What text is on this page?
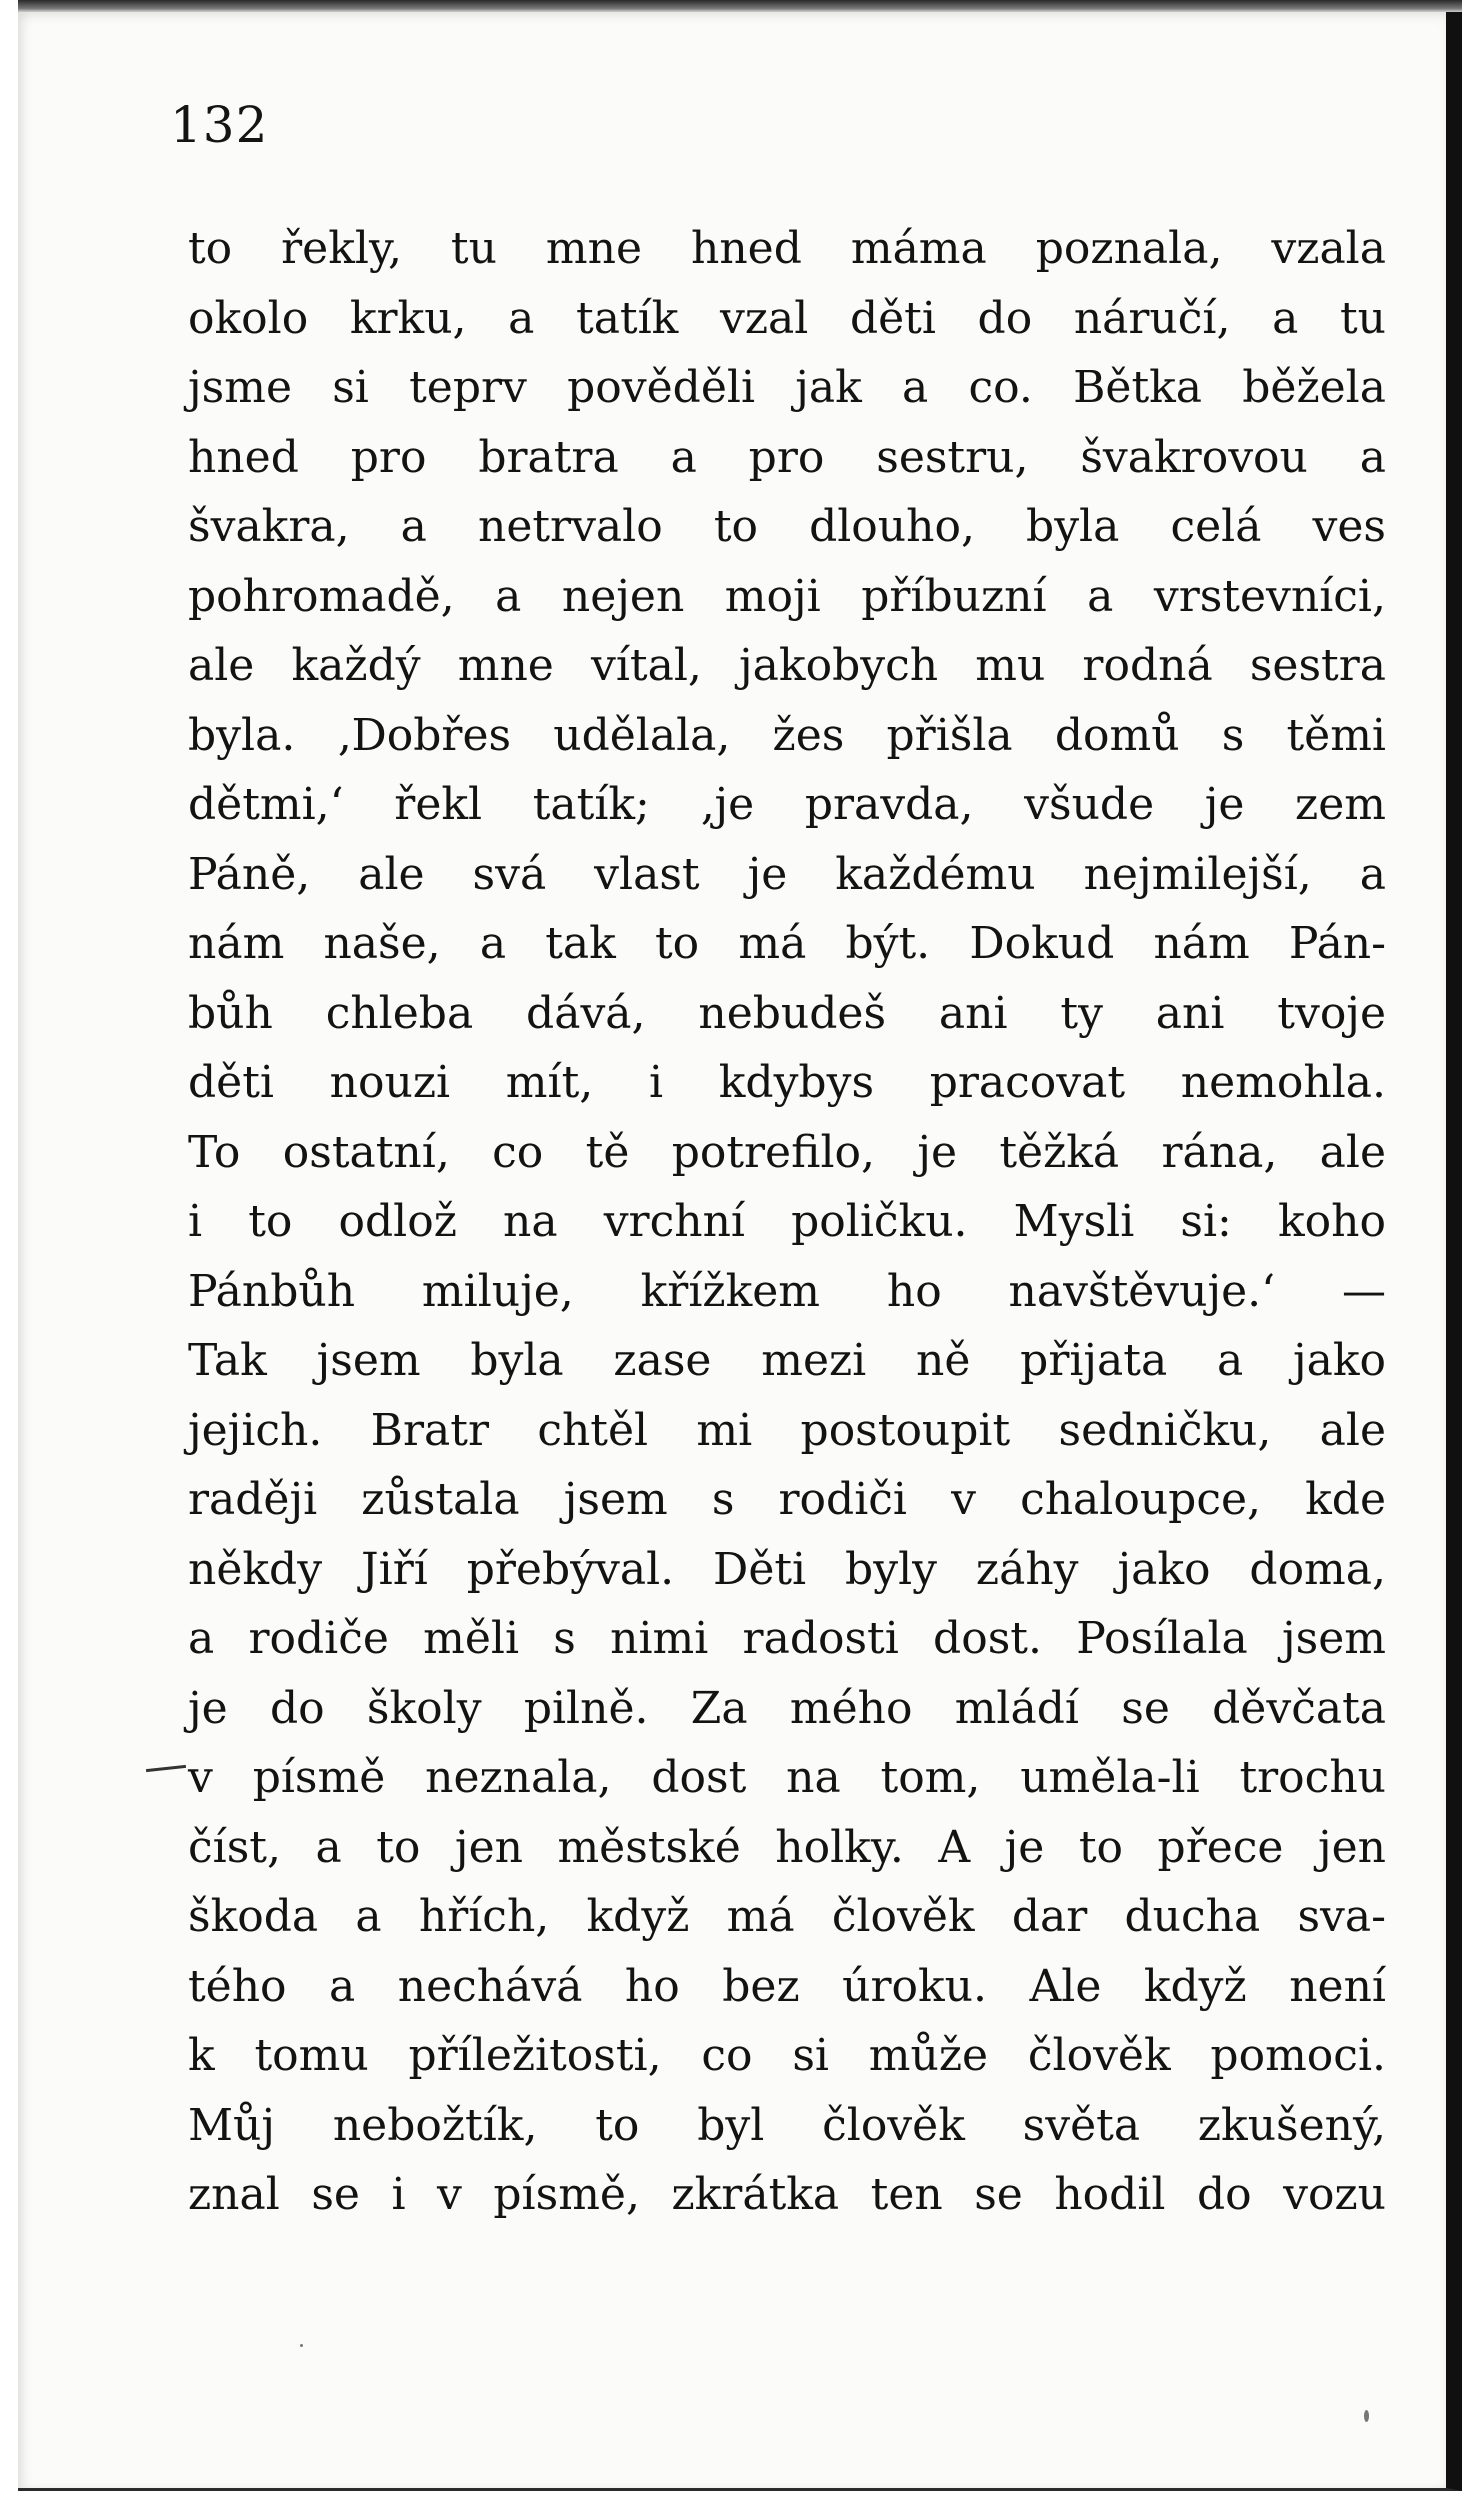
132
to řekly, tu mne hned máma poznala, vzala
okolo krku, a tatík vzal děti do náručí, a tu
jsme si teprv pověděli jak a co. Bětka běžela
hned pro bratra a pro sestru, švakrovou a
švakra, a netrvalo to dlouho, byla celá ves
pohromadě, a nejen moji příbuzní a vrstevníci,
ale každý mne vítal, jakobych mu rodná sestra
byla. ‚Dobřes udělala, žes přišla domů s těmi
dětmi,‘ řekl tatík; ‚je pravda, všude je zem
Páně, ale svá vlast je každému nejmilejší, a
nám naše, a tak to má být. Dokud nám Pán-
bůh chleba dává, nebudeš ani ty ani tvoje
děti nouzi mít, i kdybys pracovat nemohla.
To ostatní, co tě potrefilo, je těžká rána, ale
i to odlož na vrchní poličku. Mysli si: koho
Pánbůh miluje, křížkem ho navštěvuje.‘ —
Tak jsem byla zase mezi ně přijata a jako
jejich. Bratr chtěl mi postoupit sedničku, ale
raději zůstala jsem s rodiči v chaloupce, kde
někdy Jiří přebýval. Děti byly záhy jako doma,
a rodiče měli s nimi radosti dost. Posílala jsem
je do školy pilně. Za mého mládí se děvčata
v písmě neznala, dost na tom, uměla-li trochu
číst, a to jen městské holky. A je to přece jen
škoda a hřích, když má člověk dar ducha sva-
tého a nechává ho bez úroku. Ale když není
k tomu příležitosti, co si může člověk pomoci.
Můj nebožtík, to byl člověk světa zkušený,
znal se i v písmě, zkrátka ten se hodil do vozu
